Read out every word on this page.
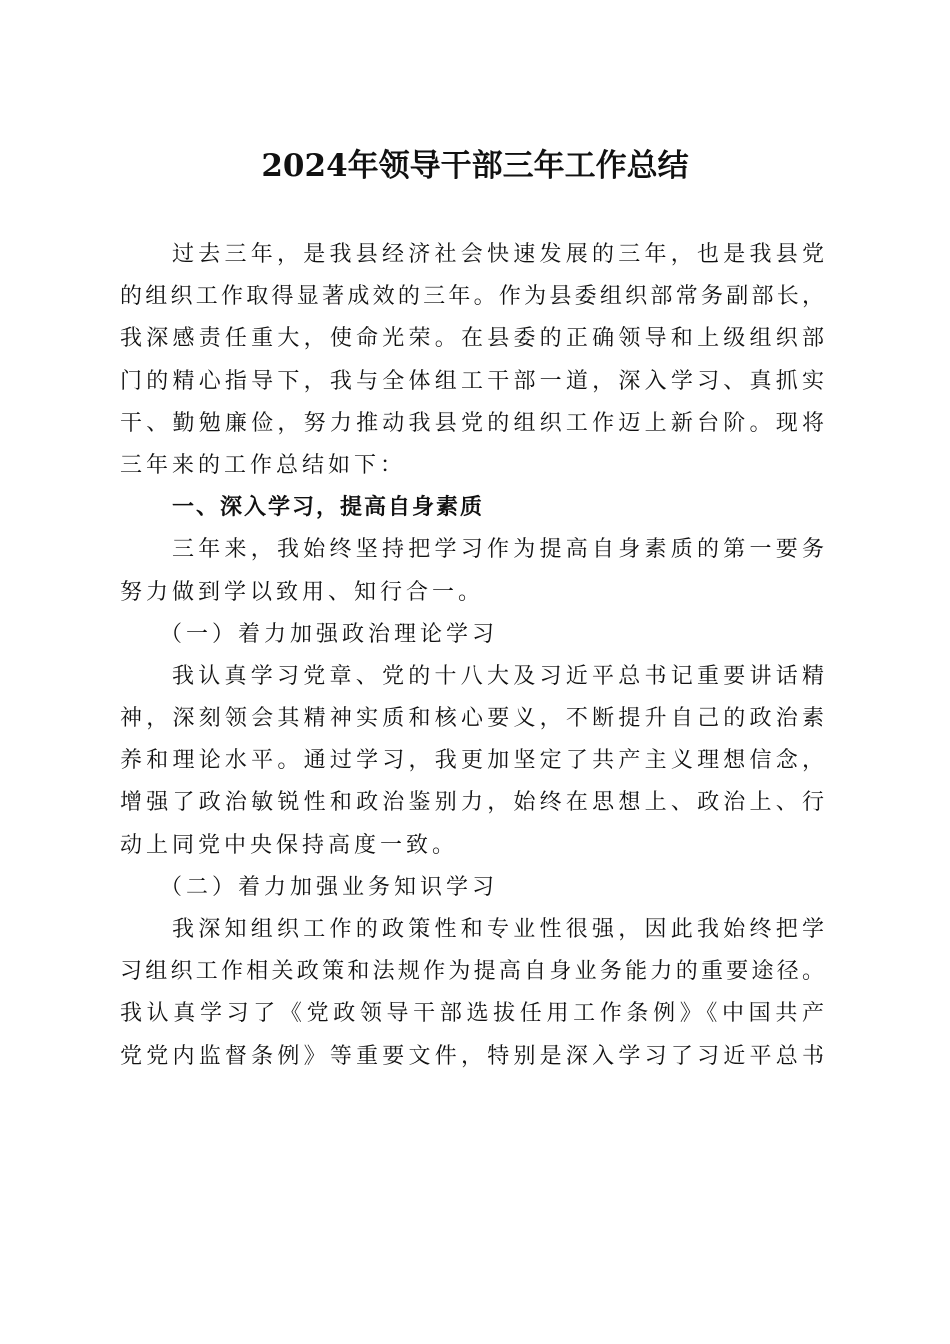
2024年领导干部三年工作总结
过去三年，是我县经济社会快速发展的三年，也是我县党
的组织工作取得显著成效的三年。作为县委组织部常务副部长，
我深感责任重大，使命光荣。在县委的正确领导和上级组织部
门的精心指导下，我与全体组工干部一道，深入学习、真抓实
干、勤勉廉俭，努力推动我县党的组织工作迈上新台阶。现将
三年来的工作总结如下：
一、深入学习，提高自身素质
三年来，我始终坚持把学习作为提高自身素质的第一要务
努力做到学以致用、知行合一。
（一）着力加强政治理论学习
我认真学习党章、党的十八大及习近平总书记重要讲话精
神，深刻领会其精神实质和核心要义，不断提升自己的政治素
养和理论水平。通过学习，我更加坚定了共产主义理想信念，
增强了政治敏锐性和政治鉴别力，始终在思想上、政治上、行
动上同党中央保持高度一致。
（二）着力加强业务知识学习
我深知组织工作的政策性和专业性很强，因此我始终把学
习组织工作相关政策和法规作为提高自身业务能力的重要途径。
我认真学习了《党政领导干部选拔任用工作条例》《中国共产
党党内监督条例》等重要文件，特别是深入学习了习近平总书
